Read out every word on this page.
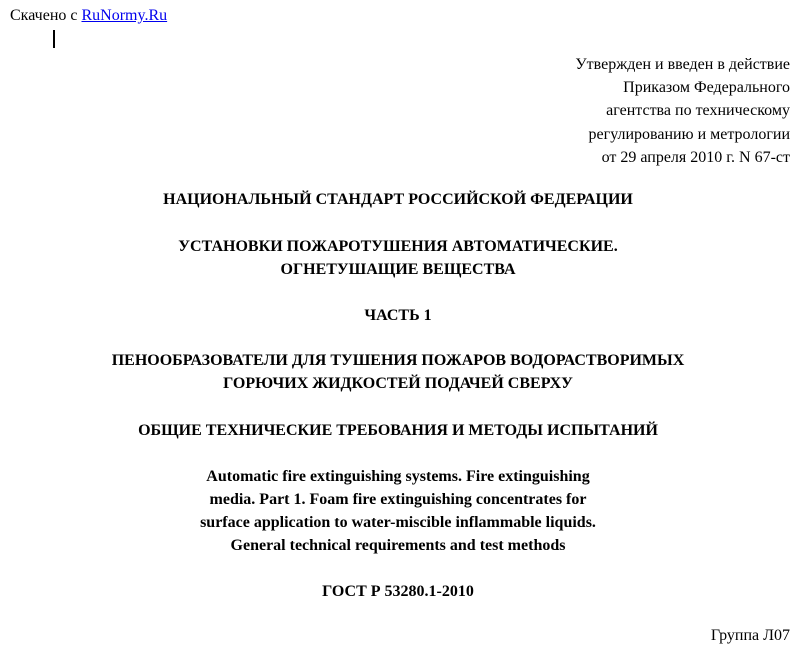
Скачено с RuNormy.Ru
Утвержден и введен в действие
Приказом Федерального
агентства по техническому
регулированию и метрологии
от 29 апреля 2010 г. N 67-ст
НАЦИОНАЛЬНЫЙ СТАНДАРТ РОССИЙСКОЙ ФЕДЕРАЦИИ
УСТАНОВКИ ПОЖАРОТУШЕНИЯ АВТОМАТИЧЕСКИЕ.
ОГНЕТУШАЩИЕ ВЕЩЕСТВА
ЧАСТЬ 1
ПЕНООБРАЗОВАТЕЛИ ДЛЯ ТУШЕНИЯ ПОЖАРОВ ВОДОРАСТВОРИМЫХ
ГОРЮЧИХ ЖИДКОСТЕЙ ПОДАЧЕЙ СВЕРХУ
ОБЩИЕ ТЕХНИЧЕСКИЕ ТРЕБОВАНИЯ И МЕТОДЫ ИСПЫТАНИЙ
Automatic fire extinguishing systems. Fire extinguishing
media. Part 1. Foam fire extinguishing concentrates for
surface application to water-miscible inflammable liquids.
General technical requirements and test methods
ГОСТ Р 53280.1-2010
Группа Л07
